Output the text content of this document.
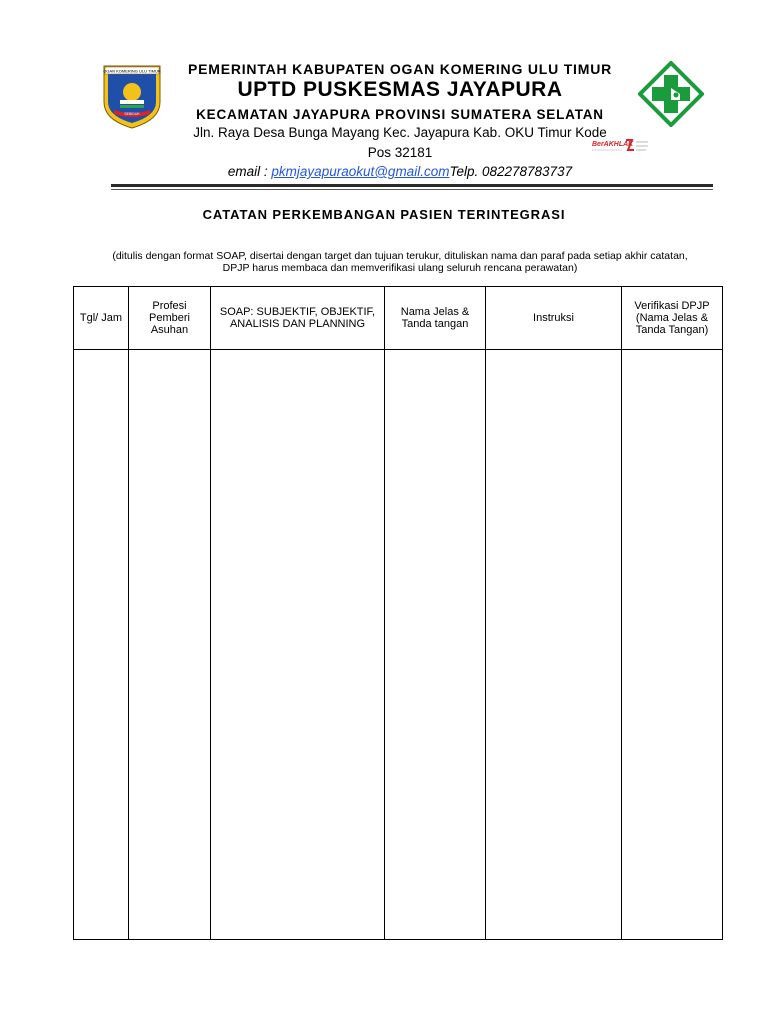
OGAN KOMERING ULU TIMUR
SEBIDUK
PEMERINTAH KABUPATEN OGAN KOMERING ULU TIMUR
UPTD PUSKESMAS JAYAPURA
KECAMATAN JAYAPURA PROVINSI SUMATERA SELATAN
Jln. Raya Desa Bunga Mayang Kec. Jayapura Kab. OKU Timur Kode
Pos 32181
email : pkmjayapuraokut@gmail.comTelp. 082278783737
BerAKHLAK
CATATAN PERKEMBANGAN PASIEN TERINTEGRASI
(ditulis dengan format SOAP, disertai dengan target dan tujuan terukur, dituliskan nama dan paraf pada setiap akhir catatan, DPJP harus membaca dan memverifikasi ulang seluruh rencana perawatan)
Tgl/ Jam	Profesi Pemberi Asuhan	SOAP: SUBJEKTIF, OBJEKTIF, ANALISIS DAN PLANNING	Nama Jelas & Tanda tangan	Instruksi	Verifikasi DPJP (Nama Jelas & Tanda Tangan)
